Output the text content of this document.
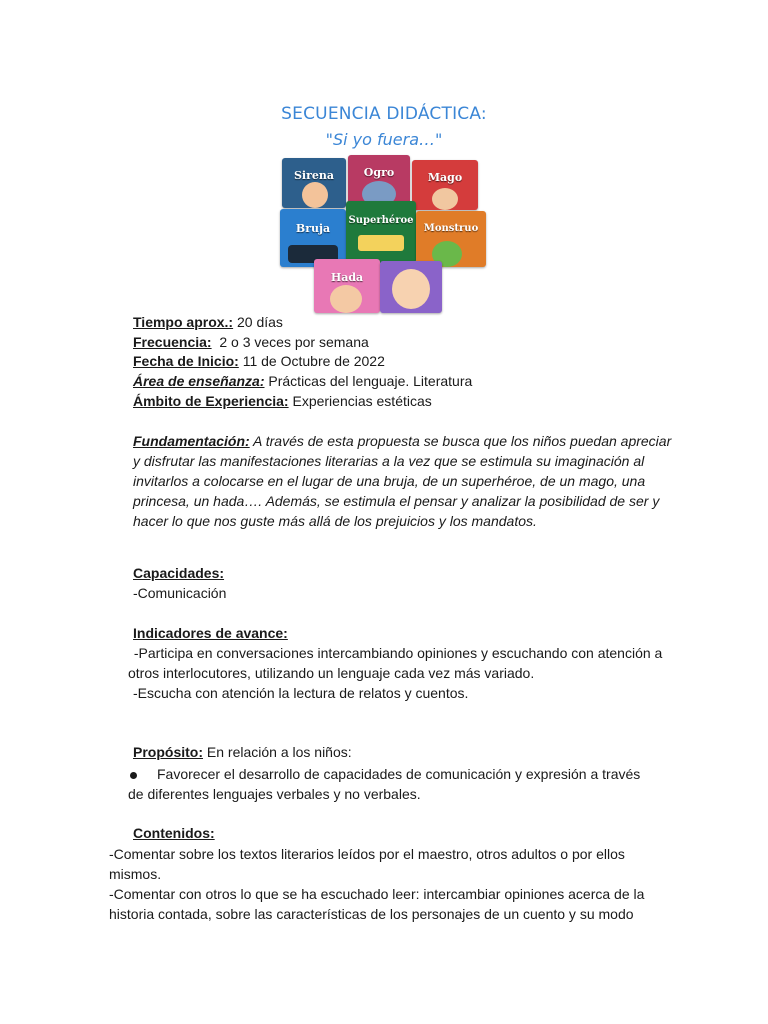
SECUENCIA DIDÁCTICA:
"Si yo fuera…"
Sirena	Ogro	Mago
Bruja
Superhéroe
Monstruo
Hada
Tiempo aprox.: 20 días
Frecuencia:  2 o 3 veces por semana
Fecha de Inicio: 11 de Octubre de 2022
Área de enseñanza: Prácticas del lenguaje. Literatura
Ámbito de Experiencia: Experiencias estéticas
Fundamentación: A través de esta propuesta se busca que los niños puedan apreciar y disfrutar las manifestaciones literarias a la vez que se estimula su imaginación al invitarlos a colocarse en el lugar de una bruja, de un superhéroe, de un mago, una princesa, un hada…. Además, se estimula el pensar y analizar la posibilidad de ser y hacer lo que nos guste más allá de los prejuicios y los mandatos.
Capacidades:
-Comunicación
Indicadores de avance:
-Participa en conversaciones intercambiando opiniones y escuchando con atención a
otros interlocutores, utilizando un lenguaje cada vez más variado.
-Escucha con atención la lectura de relatos y cuentos.
Propósito: En relación a los niños:
Favorecer el desarrollo de capacidades de comunicación y expresión a través
de diferentes lenguajes verbales y no verbales.
Contenidos:
-Comentar sobre los textos literarios leídos por el maestro, otros adultos o por ellos
mismos.
-Comentar con otros lo que se ha escuchado leer: intercambiar opiniones acerca de la
historia contada, sobre las características de los personajes de un cuento y su modo
